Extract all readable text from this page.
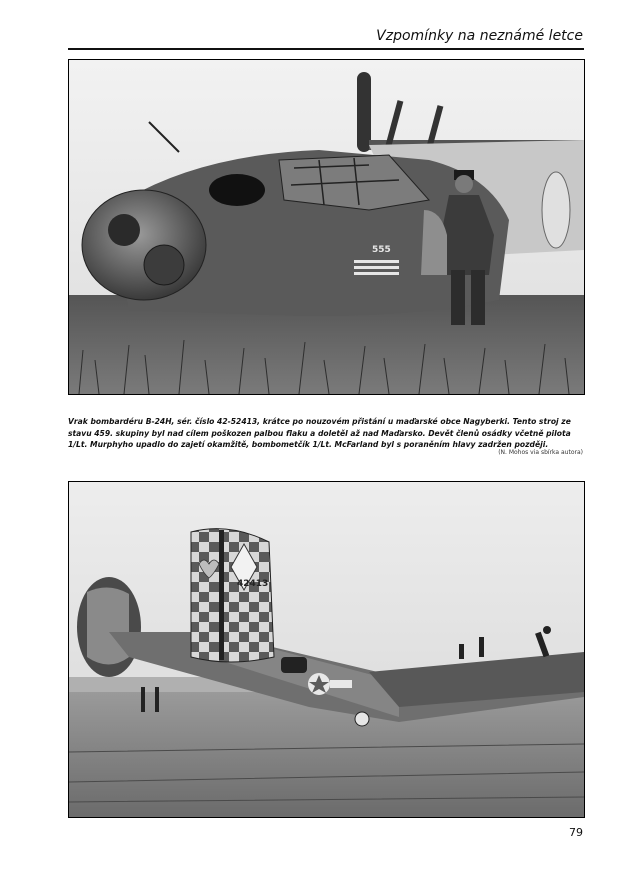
Vzpomínky na neznámé letce
555

Vrak bombardéru B-24H, sér. číslo 42-52413, krátce po nouzovém přistání u maďarské obce Nagyberki. Tento stroj ze stavu 459. skupiny byl nad cílem poškozen palbou flaku a doletěl až nad Maďarsko. Devět členů osádky včetně pilota 1/Lt. Murphyho upadlo do zajetí okamžitě, bombometčík 1/Lt. McFarland byl s poraněním hlavy zadržen později.

(N. Mohos via sbírka autora)
42413
79
